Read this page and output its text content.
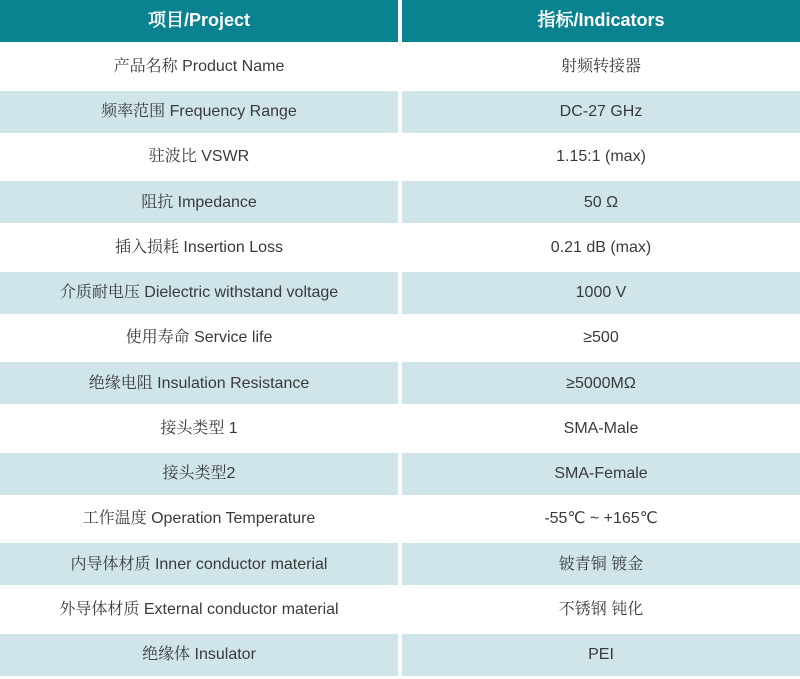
项目/Project	指标/Indicators
产品名称 Product Name	射频转接器
频率范围 Frequency Range	DC-27 GHz
驻波比 VSWR	1.15:1 (max)
阻抗 Impedance	50 Ω
插入损耗 Insertion Loss	0.21 dB (max)
介质耐电压 Dielectric withstand voltage	1000 V
使用寿命 Service life	≥500
绝缘电阻 Insulation Resistance	≥5000MΩ
接头类型 1	SMA-Male
接头类型2	SMA-Female
工作温度 Operation Temperature	-55℃ ~ +165℃
内导体材质 Inner conductor material	铍青铜 镀金
外导体材质 External conductor material	不锈钢 钝化
绝缘体 Insulator	PEI
